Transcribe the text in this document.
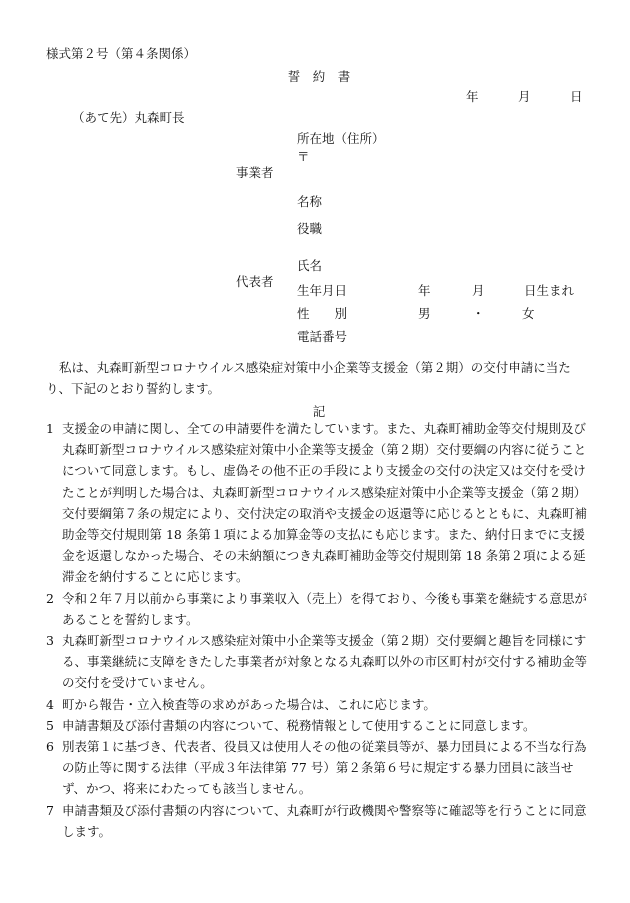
様式第２号（第４条関係）
誓　約　書
年	月	日
（あて先）丸森町長
事業者
所在地（住所）
〒
名称
役職
代表者
氏名
生年月日	年	月	日生まれ
性　　別	男	・	女
電話番号
私は、丸森町新型コロナウイルス感染症対策中小企業等支援金（第２期）の交付申請に当たり、下記のとおり誓約します。
記
1 支援金の申請に関し、全ての申請要件を満たしています。また、丸森町補助金等交付規則及び丸森町新型コロナウイルス感染症対策中小企業等支援金（第２期）交付要綱の内容に従うことについて同意します。もし、虚偽その他不正の手段により支援金の交付の決定又は交付を受けたことが判明した場合は、丸森町新型コロナウイルス感染症対策中小企業等支援金（第２期）交付要綱第７条の規定により、交付決定の取消や支援金の返還等に応じるとともに、丸森町補助金等交付規則第 18 条第１項による加算金等の支払にも応じます。また、納付日までに支援金を返還しなかった場合、その未納額につき丸森町補助金等交付規則第 18 条第２項による延滞金を納付することに応じます。
2 令和２年７月以前から事業により事業収入（売上）を得ており、今後も事業を継続する意思があることを誓約します。
3 丸森町新型コロナウイルス感染症対策中小企業等支援金（第２期）交付要綱と趣旨を同様にする、事業継続に支障をきたした事業者が対象となる丸森町以外の市区町村が交付する補助金等の交付を受けていません。
4 町から報告・立入検査等の求めがあった場合は、これに応じます。
5 申請書類及び添付書類の内容について、税務情報として使用することに同意します。
6 別表第１に基づき、代表者、役員又は使用人その他の従業員等が、暴力団員による不当な行為の防止等に関する法律（平成３年法律第 77 号）第２条第６号に規定する暴力団員に該当せず、かつ、将来にわたっても該当しません。
7 申請書類及び添付書類の内容について、丸森町が行政機関や警察等に確認等を行うことに同意します。
